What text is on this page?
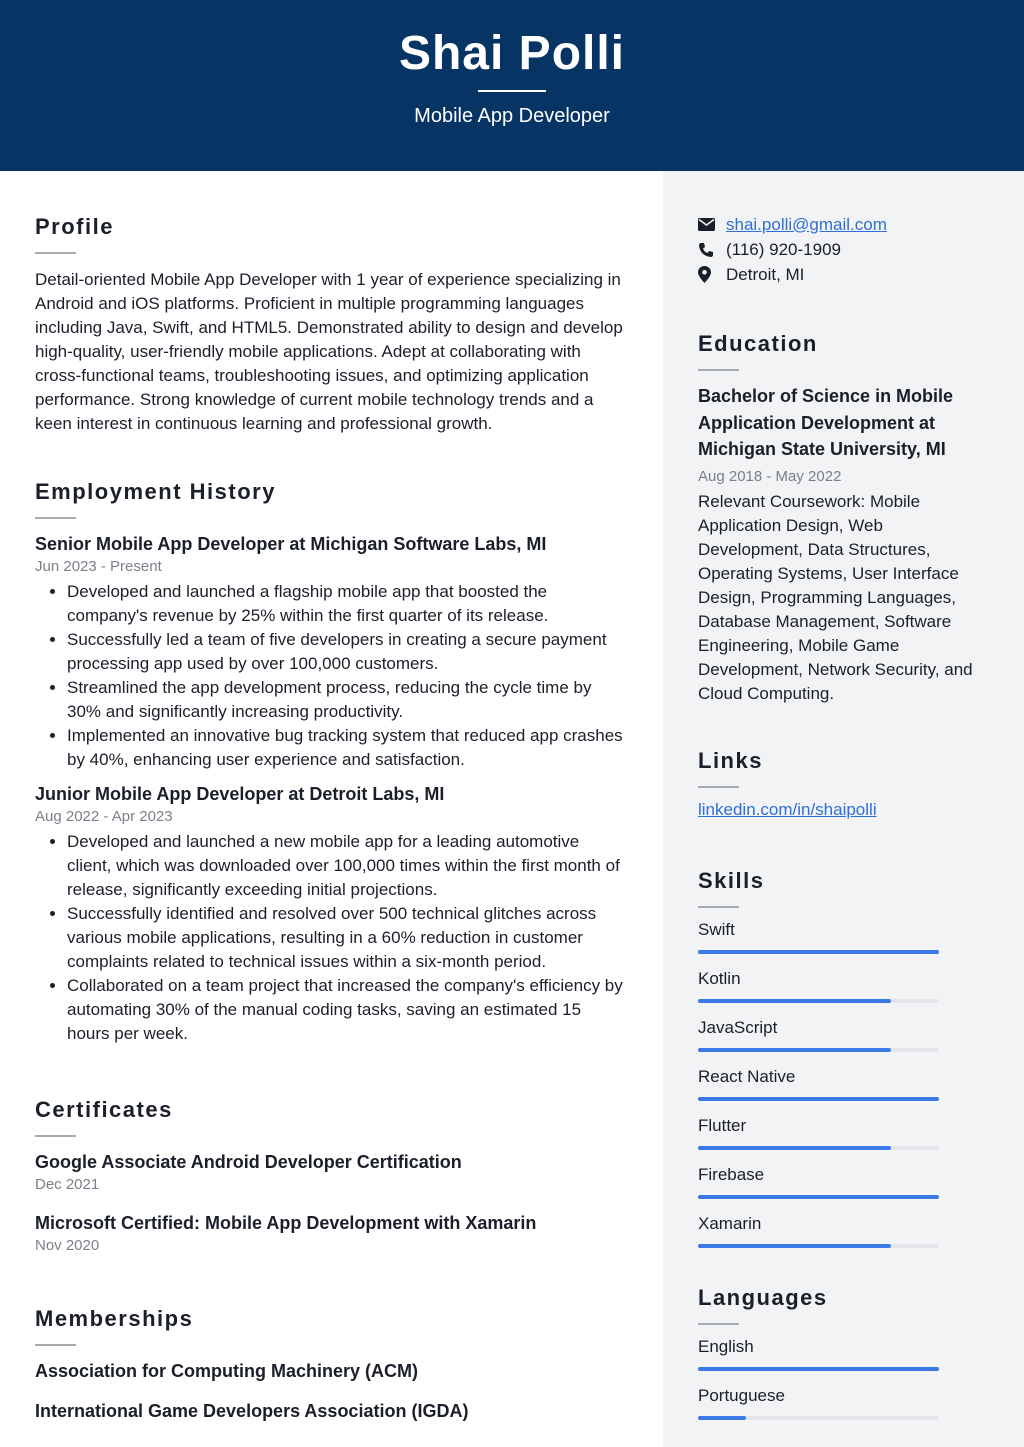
Shai Polli
Mobile App Developer
Profile
Detail-oriented Mobile App Developer with 1 year of experience specializing in Android and iOS platforms. Proficient in multiple programming languages including Java, Swift, and HTML5. Demonstrated ability to design and develop high-quality, user-friendly mobile applications. Adept at collaborating with cross-functional teams, troubleshooting issues, and optimizing application performance. Strong knowledge of current mobile technology trends and a keen interest in continuous learning and professional growth.
Employment History
Senior Mobile App Developer at Michigan Software Labs, MI
Jun 2023 - Present
• Developed and launched a flagship mobile app that boosted the company's revenue by 25% within the first quarter of its release.
• Successfully led a team of five developers in creating a secure payment processing app used by over 100,000 customers.
• Streamlined the app development process, reducing the cycle time by 30% and significantly increasing productivity.
• Implemented an innovative bug tracking system that reduced app crashes by 40%, enhancing user experience and satisfaction.
Junior Mobile App Developer at Detroit Labs, MI
Aug 2022 - Apr 2023
• Developed and launched a new mobile app for a leading automotive client, which was downloaded over 100,000 times within the first month of release, significantly exceeding initial projections.
• Successfully identified and resolved over 500 technical glitches across various mobile applications, resulting in a 60% reduction in customer complaints related to technical issues within a six-month period.
• Collaborated on a team project that increased the company's efficiency by automating 30% of the manual coding tasks, saving an estimated 15 hours per week.
Certificates
Google Associate Android Developer Certification
Dec 2021
Microsoft Certified: Mobile App Development with Xamarin
Nov 2020
Memberships
Association for Computing Machinery (ACM)
International Game Developers Association (IGDA)
shai.polli@gmail.com
(116) 920-1909
Detroit, MI
Education
Bachelor of Science in Mobile Application Development at Michigan State University, MI
Aug 2018 - May 2022
Relevant Coursework: Mobile Application Design, Web Development, Data Structures, Operating Systems, User Interface Design, Programming Languages, Database Management, Software Engineering, Mobile Game Development, Network Security, and Cloud Computing.
Links
linkedin.com/in/shaipolli
Skills
Swift
Kotlin
JavaScript
React Native
Flutter
Firebase
Xamarin
Languages
English
Portuguese
